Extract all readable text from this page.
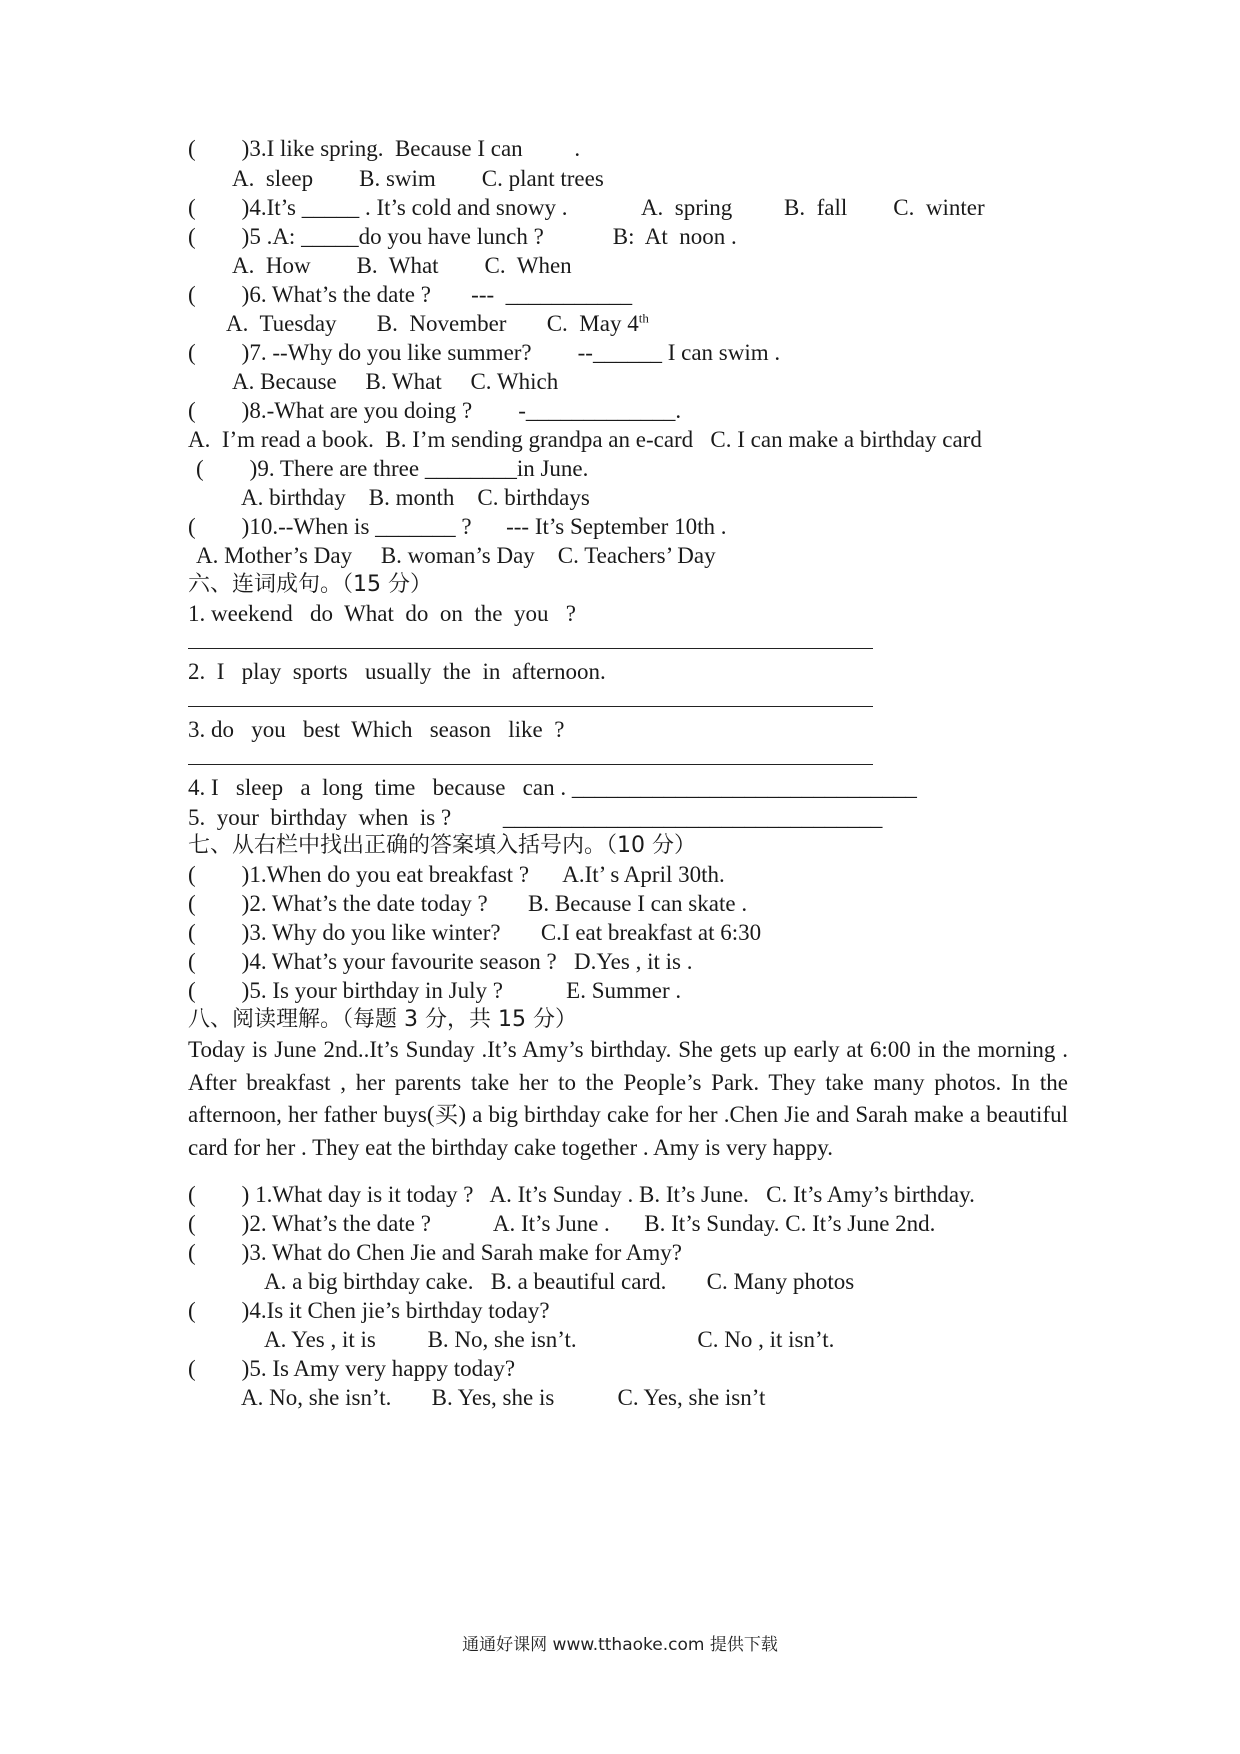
(        )3.I like spring.  Because I can         .
A.  sleep        B. swim        C. plant trees
(        )4.It’s _____ . It’s cold and snowy .             A.  spring         B.  fall        C.  winter
(        )5 .A: _____do you have lunch ?            B:  At  noon .
A.  How        B.  What        C.  When
(        )6. What’s the date ?       ---  ___________
A.  Tuesday       B.  November       C.  May 4th
(        )7. --Why do you like summer?        --______ I can swim .
A. Because     B. What     C. Which
(        )8.-What are you doing ?        -_____________.
A.  I’m read a book.  B. I’m sending grandpa an e-card   C. I can make a birthday card
(        )9. There are three ________in June.
A. birthday    B. month    C. birthdays
(        )10.--When is _______ ?      --- It’s September 10th .
A. Mother’s Day     B. woman’s Day    C. Teachers’ Day
六、连词成句。（15 分）
1. weekend   do  What  do  on  the  you   ?
2.  I   play  sports   usually  the  in  afternoon.
3. do   you   best  Which   season   like  ?
4. I   sleep   a  long  time   because   can . ______________________________
5.  your  birthday  when  is ?         _________________________________
七、从右栏中找出正确的答案填入括号内。（10 分）
(        )1.When do you eat breakfast ?      A.It’ s April 30th.
(        )2. What’s the date today ?       B. Because I can skate .
(        )3. Why do you like winter?       C.I eat breakfast at 6:30
(        )4. What’s your favourite season ?   D.Yes , it is .
(        )5. Is your birthday in July ?           E. Summer .
八、阅读理解。（每题 3 分，共 15 分）
Today is June 2nd..It’s Sunday .It’s Amy’s birthday. She gets up early at 6:00 in the morning . After breakfast , her parents take her to the People’s Park. They take many photos. In the afternoon, her father buys(买) a big birthday cake for her .Chen Jie and Sarah make a beautiful card for her . They eat the birthday cake together . Amy is very happy.
(        ) 1.What day is it today ?   A. It’s Sunday . B. It’s June.   C. It’s Amy’s birthday.
(        )2. What’s the date ?           A. It’s June .      B. It’s Sunday. C. It’s June 2nd.
(        )3. What do Chen Jie and Sarah make for Amy?
A. a big birthday cake.   B. a beautiful card.       C. Many photos
(        )4.Is it Chen jie’s birthday today?
A. Yes , it is         B. No, she isn’t.                     C. No , it isn’t.
(        )5. Is Amy very happy today?
A. No, she isn’t.       B. Yes, she is           C. Yes, she isn’t
通通好课网 www.tthaoke.com 提供下载
